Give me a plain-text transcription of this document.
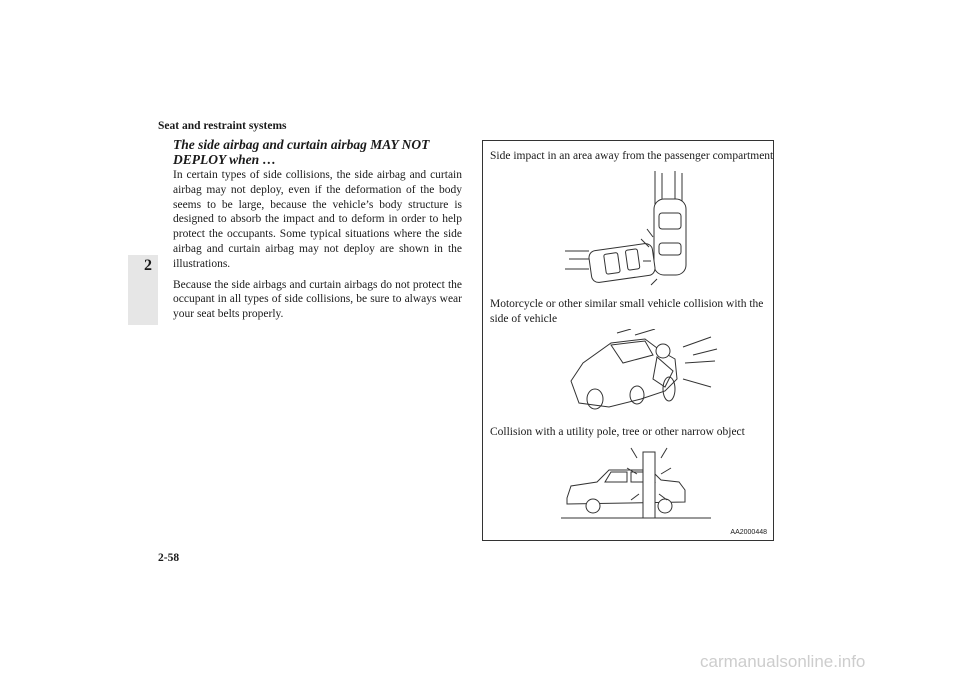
Seat and restraint systems
2

The side airbag and curtain airbag MAY NOT DEPLOY when …

In certain types of side collisions, the side airbag and curtain airbag may not deploy, even if the deformation of the body seems to be large, because the vehicle’s body structure is designed to absorb the impact and to deform in order to help protect the occupants. Some typical situations where the side airbag and curtain airbag may not deploy are shown in the illustrations.

Because the side airbags and curtain airbags do not protect the occupant in all types of side collisions, be sure to always wear your seat belts properly.

Side impact in an area away from the passenger compartment
Motorcycle or other similar small vehicle collision with the side of vehicle
Collision with a utility pole, tree or other narrow object
AA2000448
2-58
carmanualsonline.info
